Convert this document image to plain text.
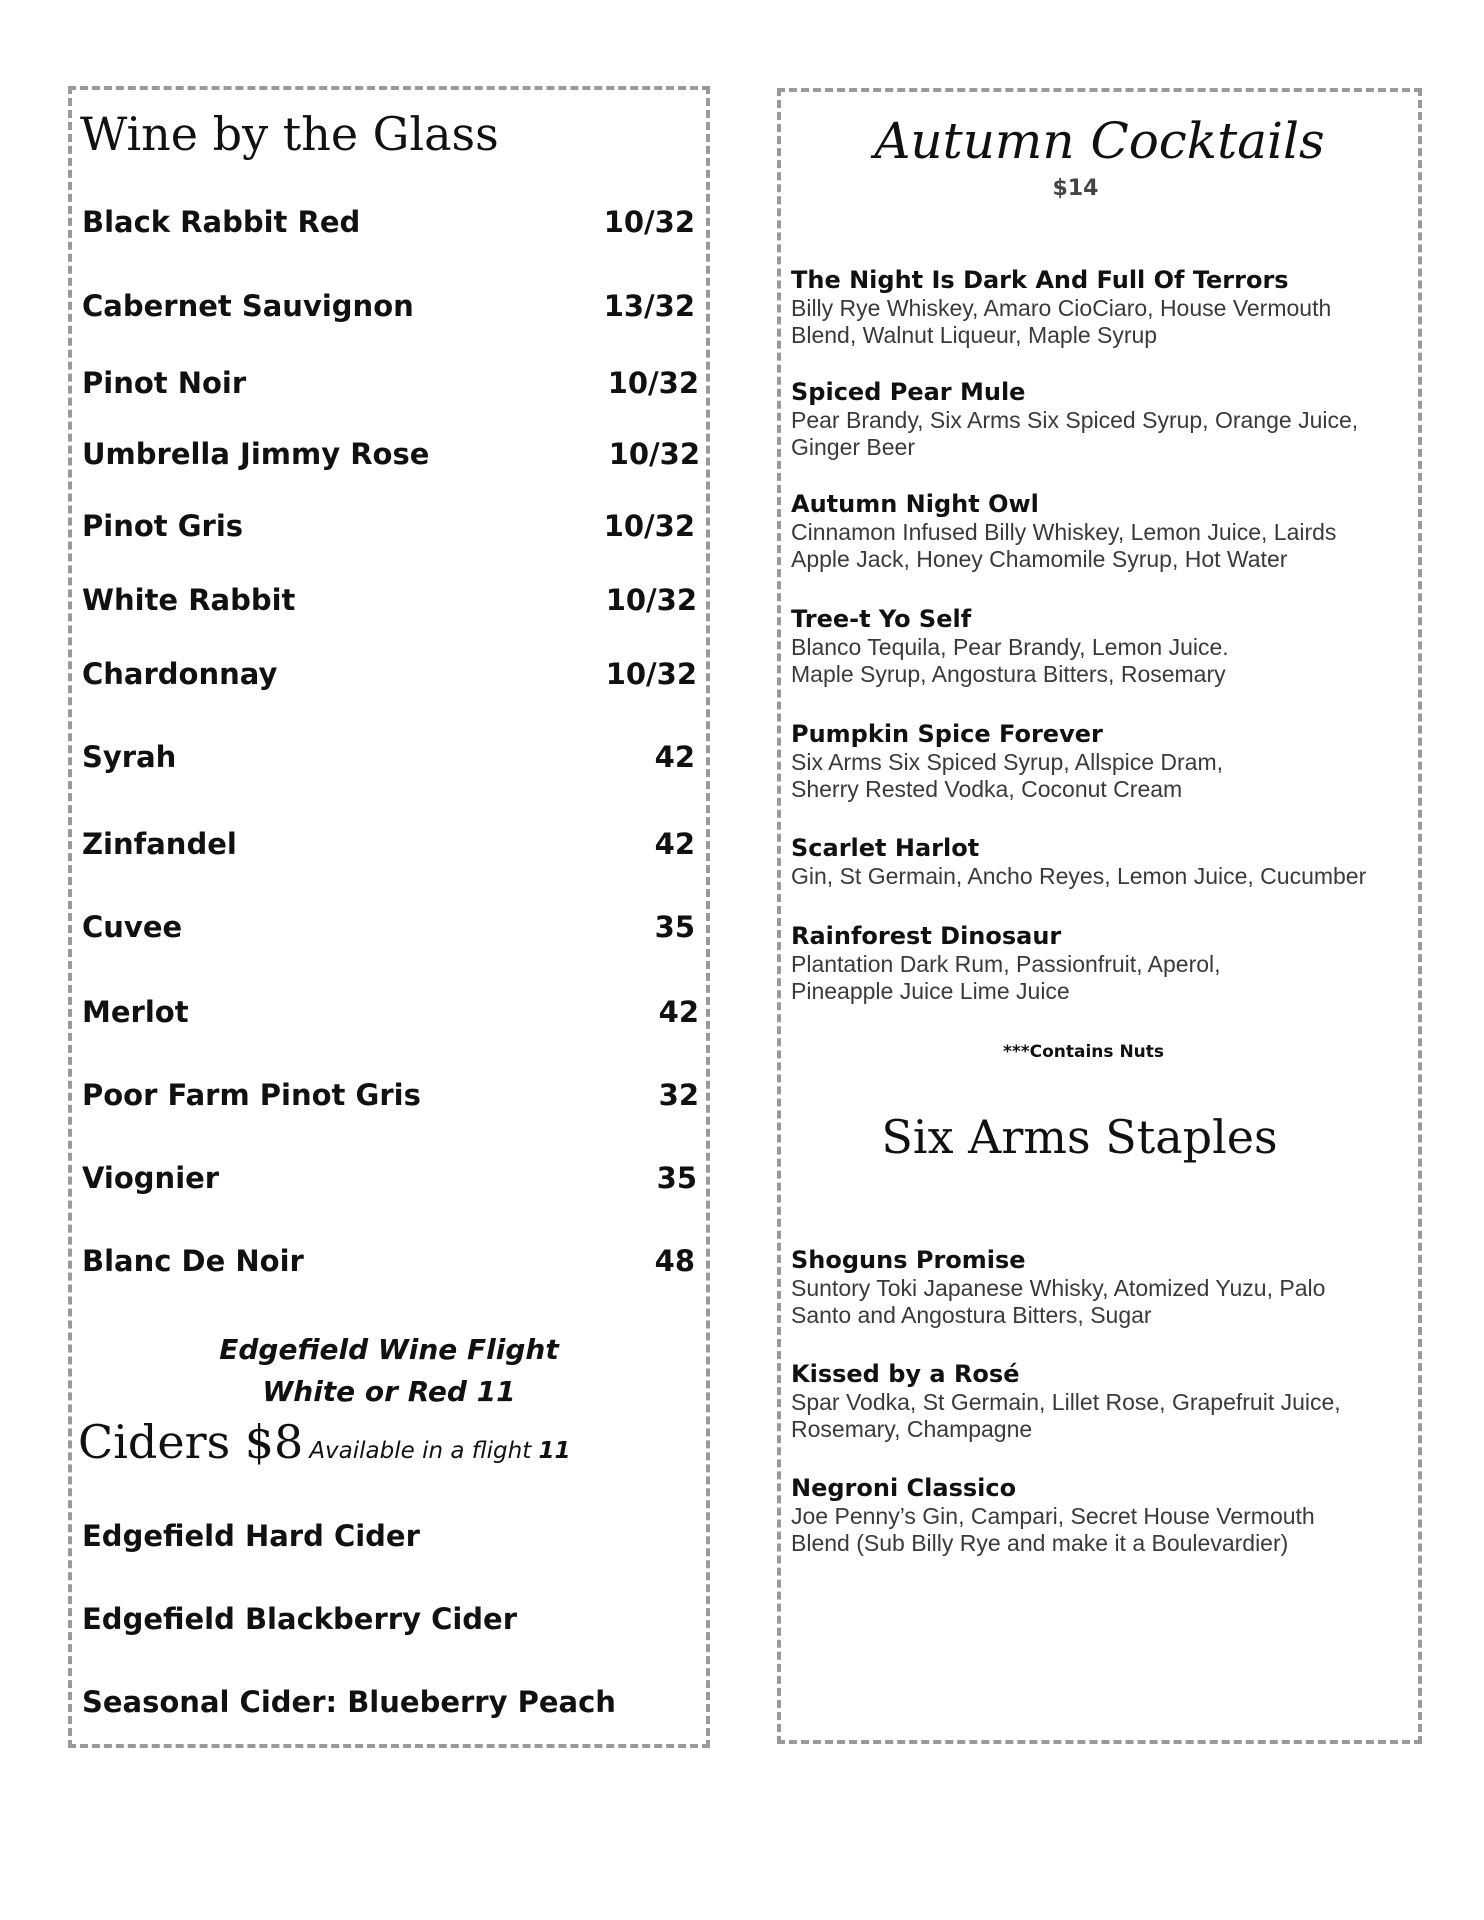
Wine by the Glass
Black Rabbit Red	10/32
Cabernet Sauvignon	13/32
Pinot Noir	10/32
Umbrella Jimmy Rose	10/32
Pinot Gris	10/32
White Rabbit	10/32
Chardonnay	10/32
Syrah	42
Zinfandel	42
Cuvee	35
Merlot	42
Poor Farm Pinot Gris	32
Viognier	35
Blanc De Noir	48
Edgefield Wine Flight
White or Red 11
Ciders $8 Available in a flight 11
Edgefield Hard Cider
Edgefield Blackberry Cider
Seasonal Cider: Blueberry Peach
Autumn Cocktails
$14
The Night Is Dark And Full Of Terrors
Billy Rye Whiskey, Amaro CioCiaro, House Vermouth
Blend, Walnut Liqueur, Maple Syrup
Spiced Pear Mule
Pear Brandy, Six Arms Six Spiced Syrup, Orange Juice,
Ginger Beer
Autumn Night Owl
Cinnamon Infused Billy Whiskey, Lemon Juice, Lairds
Apple Jack, Honey Chamomile Syrup, Hot Water
Tree-t Yo Self
Blanco Tequila, Pear Brandy, Lemon Juice.
Maple Syrup, Angostura Bitters, Rosemary
Pumpkin Spice Forever
Six Arms Six Spiced Syrup, Allspice Dram,
Sherry Rested Vodka, Coconut Cream
Scarlet Harlot
Gin, St Germain, Ancho Reyes, Lemon Juice, Cucumber
Rainforest Dinosaur
Plantation Dark Rum, Passionfruit, Aperol,
Pineapple Juice Lime Juice
***Contains Nuts
Six Arms Staples
Shoguns Promise
Suntory Toki Japanese Whisky, Atomized Yuzu, Palo
Santo and Angostura Bitters, Sugar
Kissed by a Rosé
Spar Vodka, St Germain, Lillet Rose, Grapefruit Juice,
Rosemary, Champagne
Negroni Classico
Joe Penny’s Gin, Campari, Secret House Vermouth
Blend (Sub Billy Rye and make it a Boulevardier)
